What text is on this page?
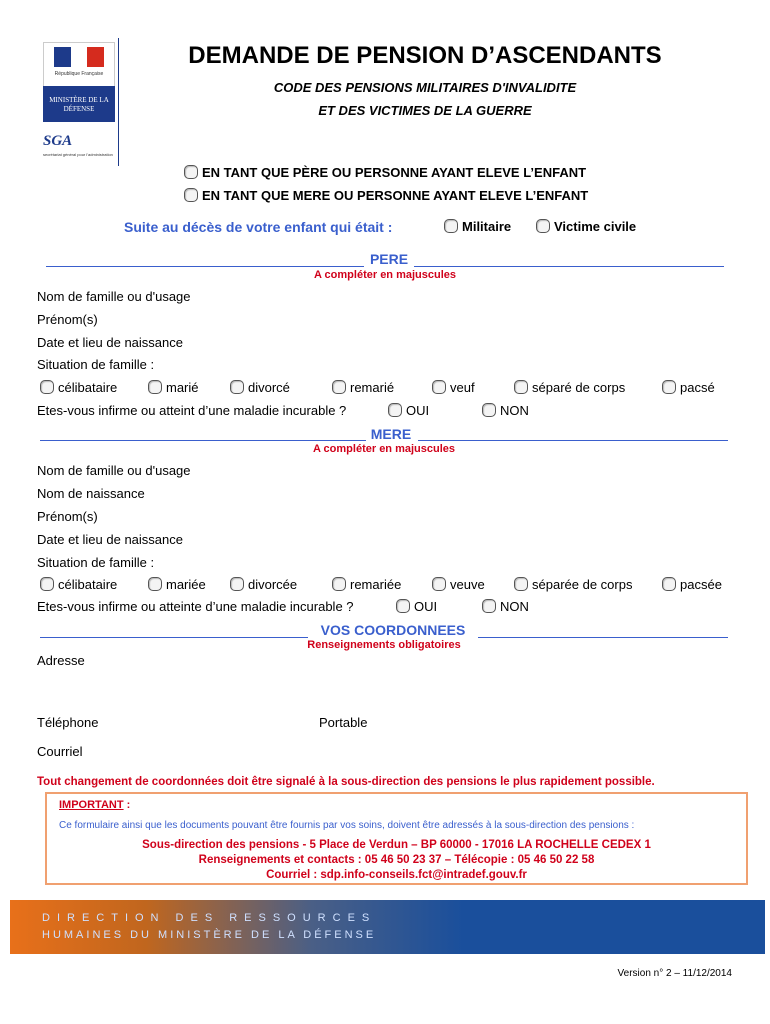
République Française
MINISTÈRE DE LA DÉFENSE
SGA
secrétariat général pour l'administration
DEMANDE DE PENSION D’ASCENDANTS
CODE DES PENSIONS MILITAIRES D'INVALIDITE
ET DES VICTIMES DE LA GUERRE
EN TANT QUE PÈRE OU PERSONNE AYANT ELEVE L’ENFANT
EN TANT QUE MERE OU PERSONNE AYANT ELEVE L’ENFANT
Suite au décès de votre enfant qui était :	Militaire	Victime civile
PERE
A compléter en majuscules
Nom de famille ou d'usage
Prénom(s)
Date et lieu de naissance
Situation de famille :
célibataire	marié	divorcé	remarié	veuf	séparé de corps	pacsé
Etes-vous infirme ou atteint d’une maladie incurable ?	OUI	NON
MERE
A compléter en majuscules
Nom de famille ou d'usage
Nom de naissance
Prénom(s)
Date et lieu de naissance
Situation de famille :
célibataire	mariée	divorcée	remariée	veuve	séparée de corps	pacsée
Etes-vous infirme ou atteinte d’une maladie incurable ?	OUI	NON
VOS COORDONNEES
Renseignements obligatoires
Adresse
Téléphone	Portable
Courriel
Tout changement de coordonnées doit être signalé à la sous-direction des pensions le plus rapidement possible.
IMPORTANT :
Ce formulaire ainsi que les documents pouvant être fournis par vos soins, doivent être adressés à la sous-direction des pensions :
Sous-direction des pensions - 5 Place de Verdun – BP 60000 - 17016 LA ROCHELLE CEDEX 1
Renseignements et contacts : 05 46 50 23 37 – Télécopie : 05 46 50 22 58
Courriel : sdp.info-conseils.fct@intradef.gouv.fr
DIRECTION DES RESSOURCES
HUMAINES DU MINISTÈRE DE LA DÉFENSE
Version n° 2 – 11/12/2014
